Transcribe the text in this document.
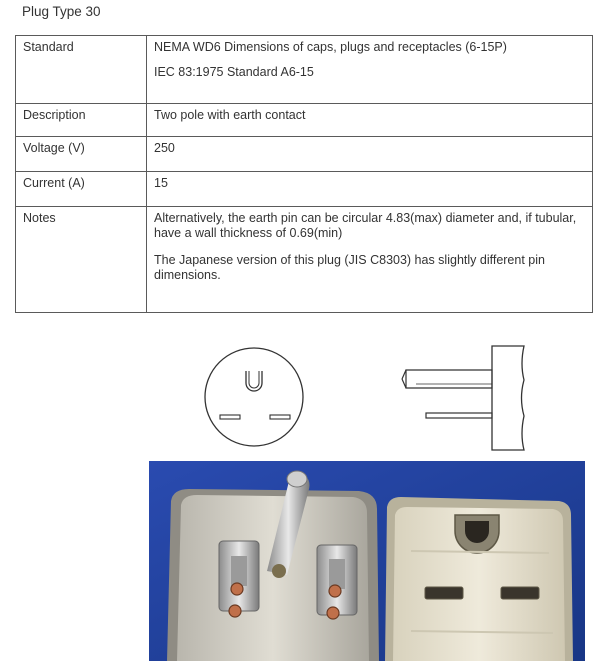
Plug Type 30
Standard	NEMA WD6 Dimensions of caps, plugs and receptacles (6-15P)

IEC 83:1975 Standard A6-15

Description	Two pole with earth contact

Voltage (V)	250

Current (A)	15

Notes	Alternatively, the earth pin can be circular 4.83(max) diameter and, if tubular, have a wall thickness of 0.69(min)

The Japanese version of this plug (JIS C8303) has slightly different pin dimensions.
